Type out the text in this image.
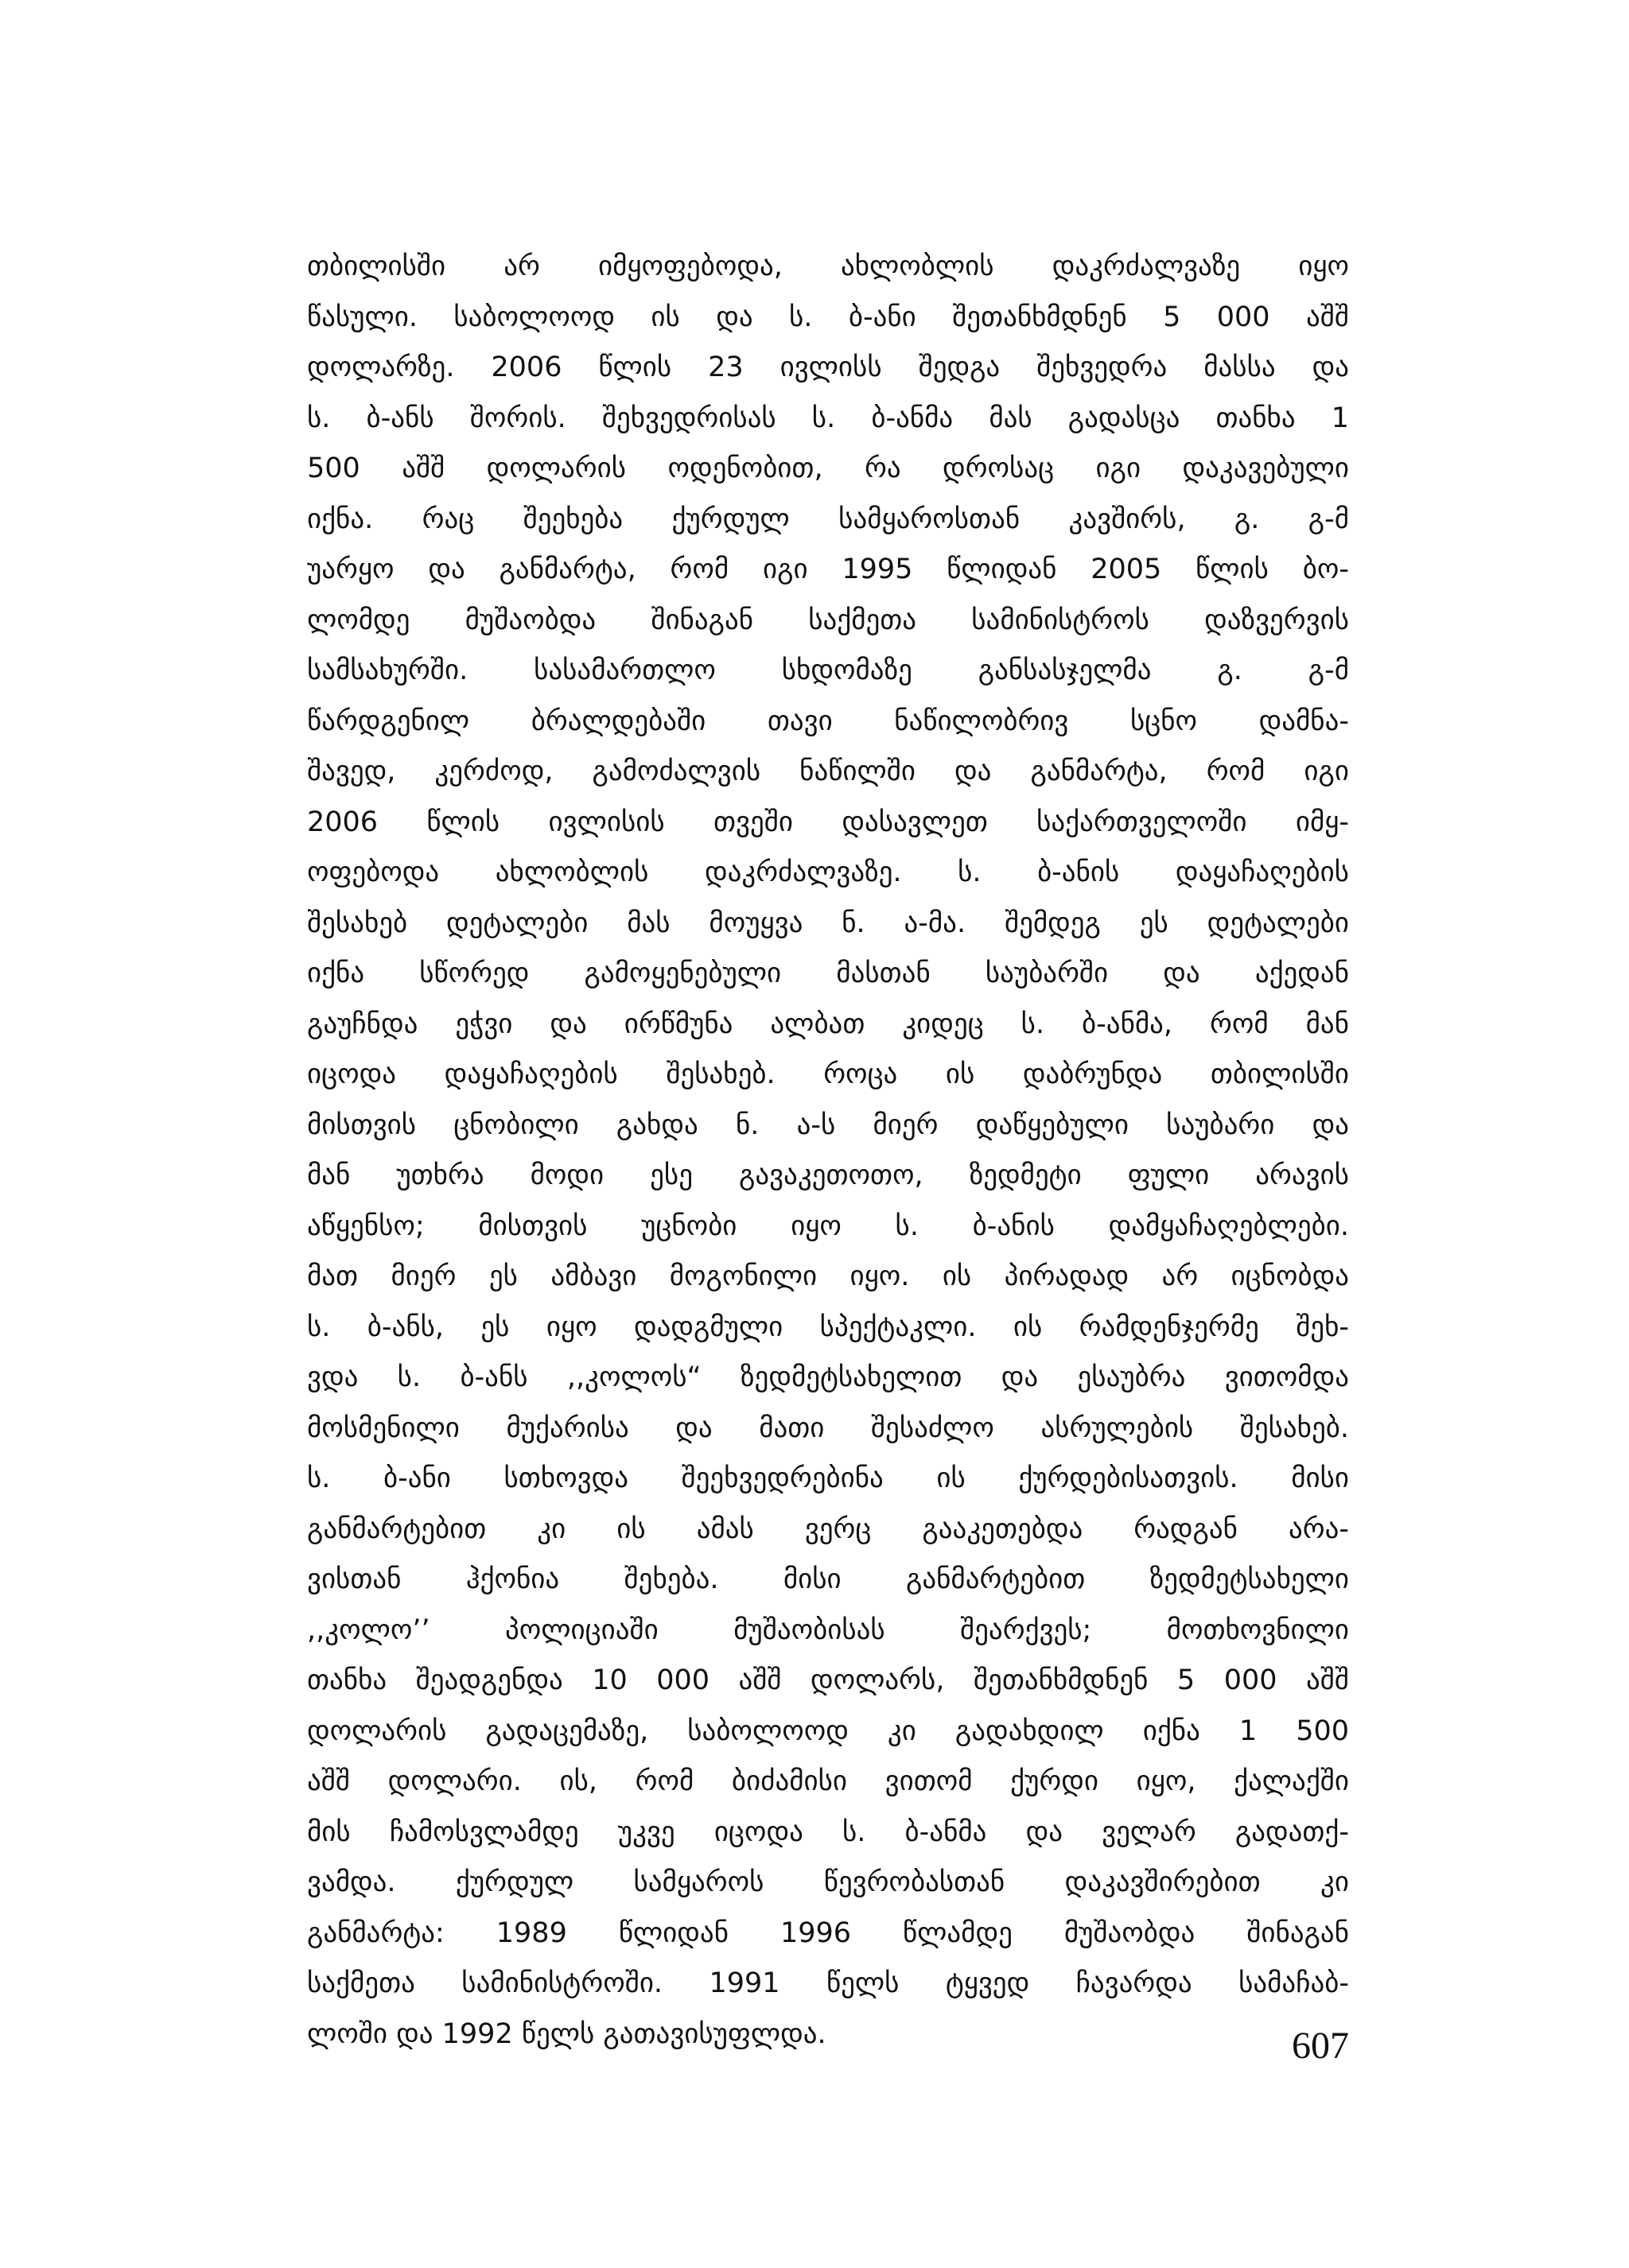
თბილისში არ იმყოფებოდა, ახლობლის დაკრძალვაზე იყო
წასული. საბოლოოდ ის და ს. ბ-ანი შეთანხმდნენ 5 000 აშშ
დოლარზე. 2006 წლის 23 ივლისს შედგა შეხვედრა მასსა და
ს. ბ-ანს შორის. შეხვედრისას ს. ბ-ანმა მას გადასცა თანხა 1
500 აშშ დოლარის ოდენობით, რა დროსაც იგი დაკავებული
იქნა. რაც შეეხება ქურდულ სამყაროსთან კავშირს, გ. გ-მ
უარყო და განმარტა, რომ იგი 1995 წლიდან 2005 წლის ბო-
ლომდე მუშაობდა შინაგან საქმეთა სამინისტროს დაზვერვის
სამსახურში. სასამართლო სხდომაზე განსასჯელმა გ. გ-მ
წარდგენილ ბრალდებაში თავი ნაწილობრივ სცნო დამნა-
შავედ, კერძოდ, გამოძალვის ნაწილში და განმარტა, რომ იგი
2006 წლის ივლისის თვეში დასავლეთ საქართველოში იმყ-
ოფებოდა ახლობლის დაკრძალვაზე. ს. ბ-ანის დაყაჩაღების
შესახებ დეტალები მას მოუყვა ნ. ა-მა. შემდეგ ეს დეტალები
იქნა სწორედ გამოყენებული მასთან საუბარში და აქედან
გაუჩნდა ეჭვი და ირწმუნა ალბათ კიდეც ს. ბ-ანმა, რომ მან
იცოდა დაყაჩაღების შესახებ. როცა ის დაბრუნდა თბილისში
მისთვის ცნობილი გახდა ნ. ა-ს მიერ დაწყებული საუბარი და
მან უთხრა მოდი ესე გავაკეთოთო, ზედმეტი ფული არავის
აწყენსო; მისთვის უცნობი იყო ს. ბ-ანის დამყაჩაღებლები.
მათ მიერ ეს ამბავი მოგონილი იყო. ის პირადად არ იცნობდა
ს. ბ-ანს, ეს იყო დადგმული სპექტაკლი. ის რამდენჯერმე შეხ-
ვდა ს. ბ-ანს ,,კოლოს“ ზედმეტსახელით და ესაუბრა ვითომდა
მოსმენილი მუქარისა და მათი შესაძლო ასრულების შესახებ.
ს. ბ-ანი სთხოვდა შეეხვედრებინა ის ქურდებისათვის. მისი
განმარტებით კი ის ამას ვერც გააკეთებდა რადგან არა-
ვისთან ჰქონია შეხება. მისი განმარტებით ზედმეტსახელი
,,კოლო’’ პოლიციაში მუშაობისას შეარქვეს; მოთხოვნილი
თანხა შეადგენდა 10 000 აშშ დოლარს, შეთანხმდნენ 5 000 აშშ
დოლარის გადაცემაზე, საბოლოოდ კი გადახდილ იქნა 1 500
აშშ დოლარი. ის, რომ ბიძამისი ვითომ ქურდი იყო, ქალაქში
მის ჩამოსვლამდე უკვე იცოდა ს. ბ-ანმა და ველარ გადათქ-
ვამდა. ქურდულ სამყაროს წევრობასთან დაკავშირებით კი
განმარტა: 1989 წლიდან 1996 წლამდე მუშაობდა შინაგან
საქმეთა სამინისტროში. 1991 წელს ტყვედ ჩავარდა სამაჩაბ-
ლოში და 1992 წელს გათავისუფლდა.	607
